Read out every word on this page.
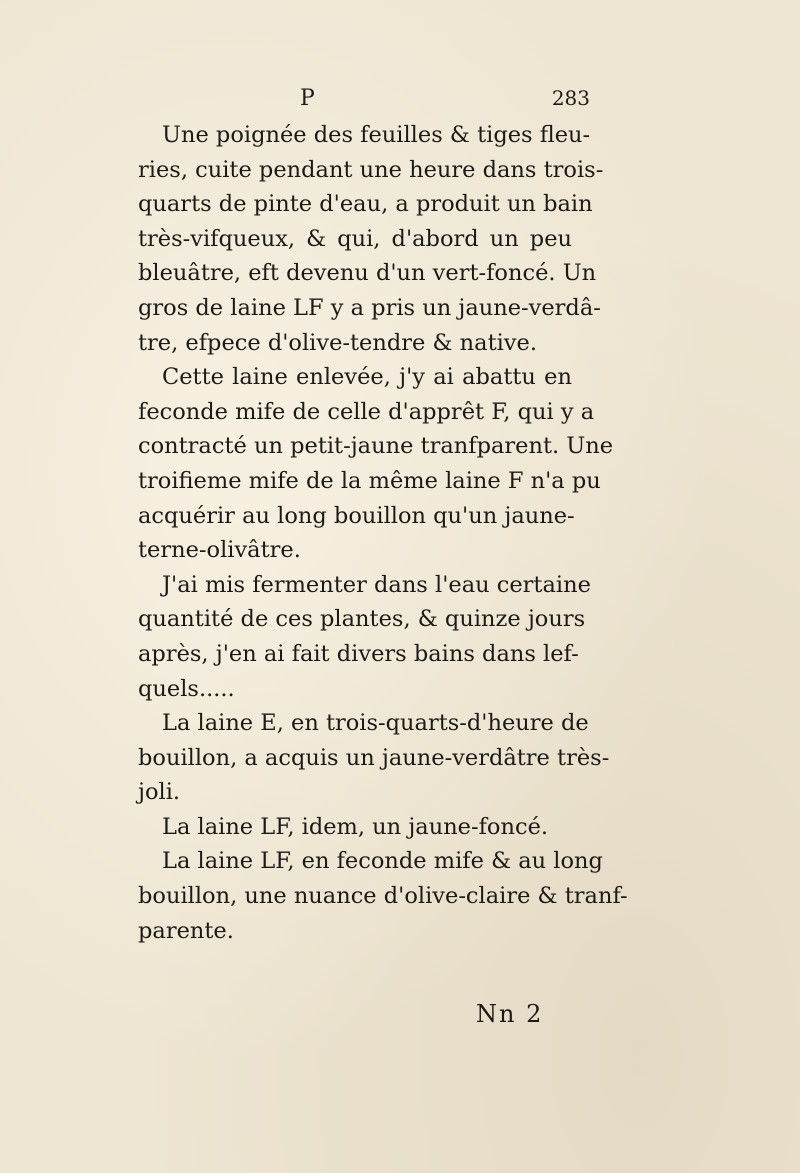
P	283
Une poignée des feuilles & tiges fleu-
ries, cuite pendant une heure dans trois-
quarts de pinte d'eau, a produit un bain
très-vifqueux, & qui, d'abord un peu
bleuâtre, eft devenu d'un vert-foncé. Un
gros de laine LF y a pris un jaune-verdâ-
tre, efpece d'olive-tendre & native.
Cette laine enlevée, j'y ai abattu en
feconde mife de celle d'apprêt F, qui y a
contracté un petit-jaune tranfparent. Une
troifieme mife de la même laine F n'a pu
acquérir au long bouillon qu'un jaune-
terne-olivâtre.
J'ai mis fermenter dans l'eau certaine
quantité de ces plantes, & quinze jours
après, j'en ai fait divers bains dans lef-
quels.....
La laine E, en trois-quarts-d'heure de
bouillon, a acquis un jaune-verdâtre très-
joli.
La laine LF, idem, un jaune-foncé.
La laine LF, en feconde mife & au long
bouillon, une nuance d'olive-claire & tranf-
parente.
Nn 2
